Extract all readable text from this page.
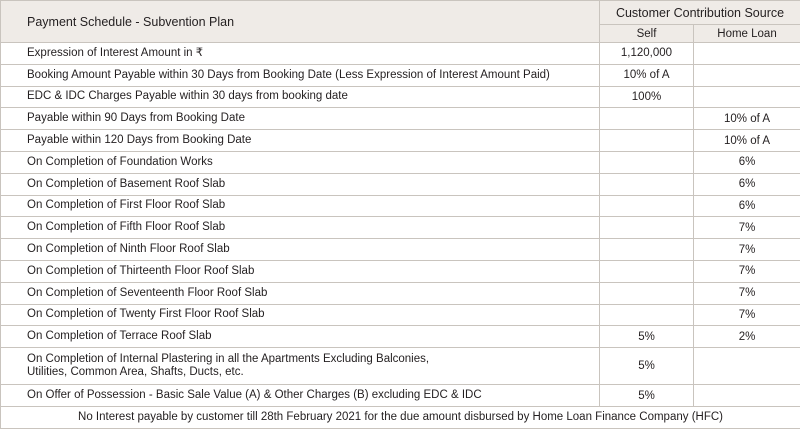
Payment Schedule - Subvention Plan	Customer Contribution Source	
	Self	Home Loan
Expression of Interest Amount in ₹	1,120,000	
Booking Amount Payable within 30 Days from Booking Date (Less Expression of Interest Amount Paid)	10% of A	
EDC & IDC Charges Payable within 30 days from booking date	100%	
Payable within 90 Days from Booking Date		10% of A
Payable within 120 Days from Booking Date		10% of A
On Completion of Foundation Works		6%
On Completion of Basement Roof Slab		6%
On Completion of First Floor Roof Slab		6%
On Completion of Fifth Floor Roof Slab		7%
On Completion of Ninth Floor Roof Slab		7%
On Completion of Thirteenth Floor Roof Slab		7%
On Completion of Seventeenth Floor Roof Slab		7%
On Completion of Twenty First Floor Roof Slab		7%
On Completion of Terrace Roof Slab	5%	2%
On Completion of Internal Plastering in all the Apartments Excluding Balconies,
Utilities, Common Area, Shafts, Ducts, etc.	5%	
On Offer of Possession - Basic Sale Value (A) & Other Charges (B) excluding EDC & IDC	5%	
No Interest payable by customer till 28th February 2021 for the due amount disbursed by Home Loan Finance Company (HFC)		
